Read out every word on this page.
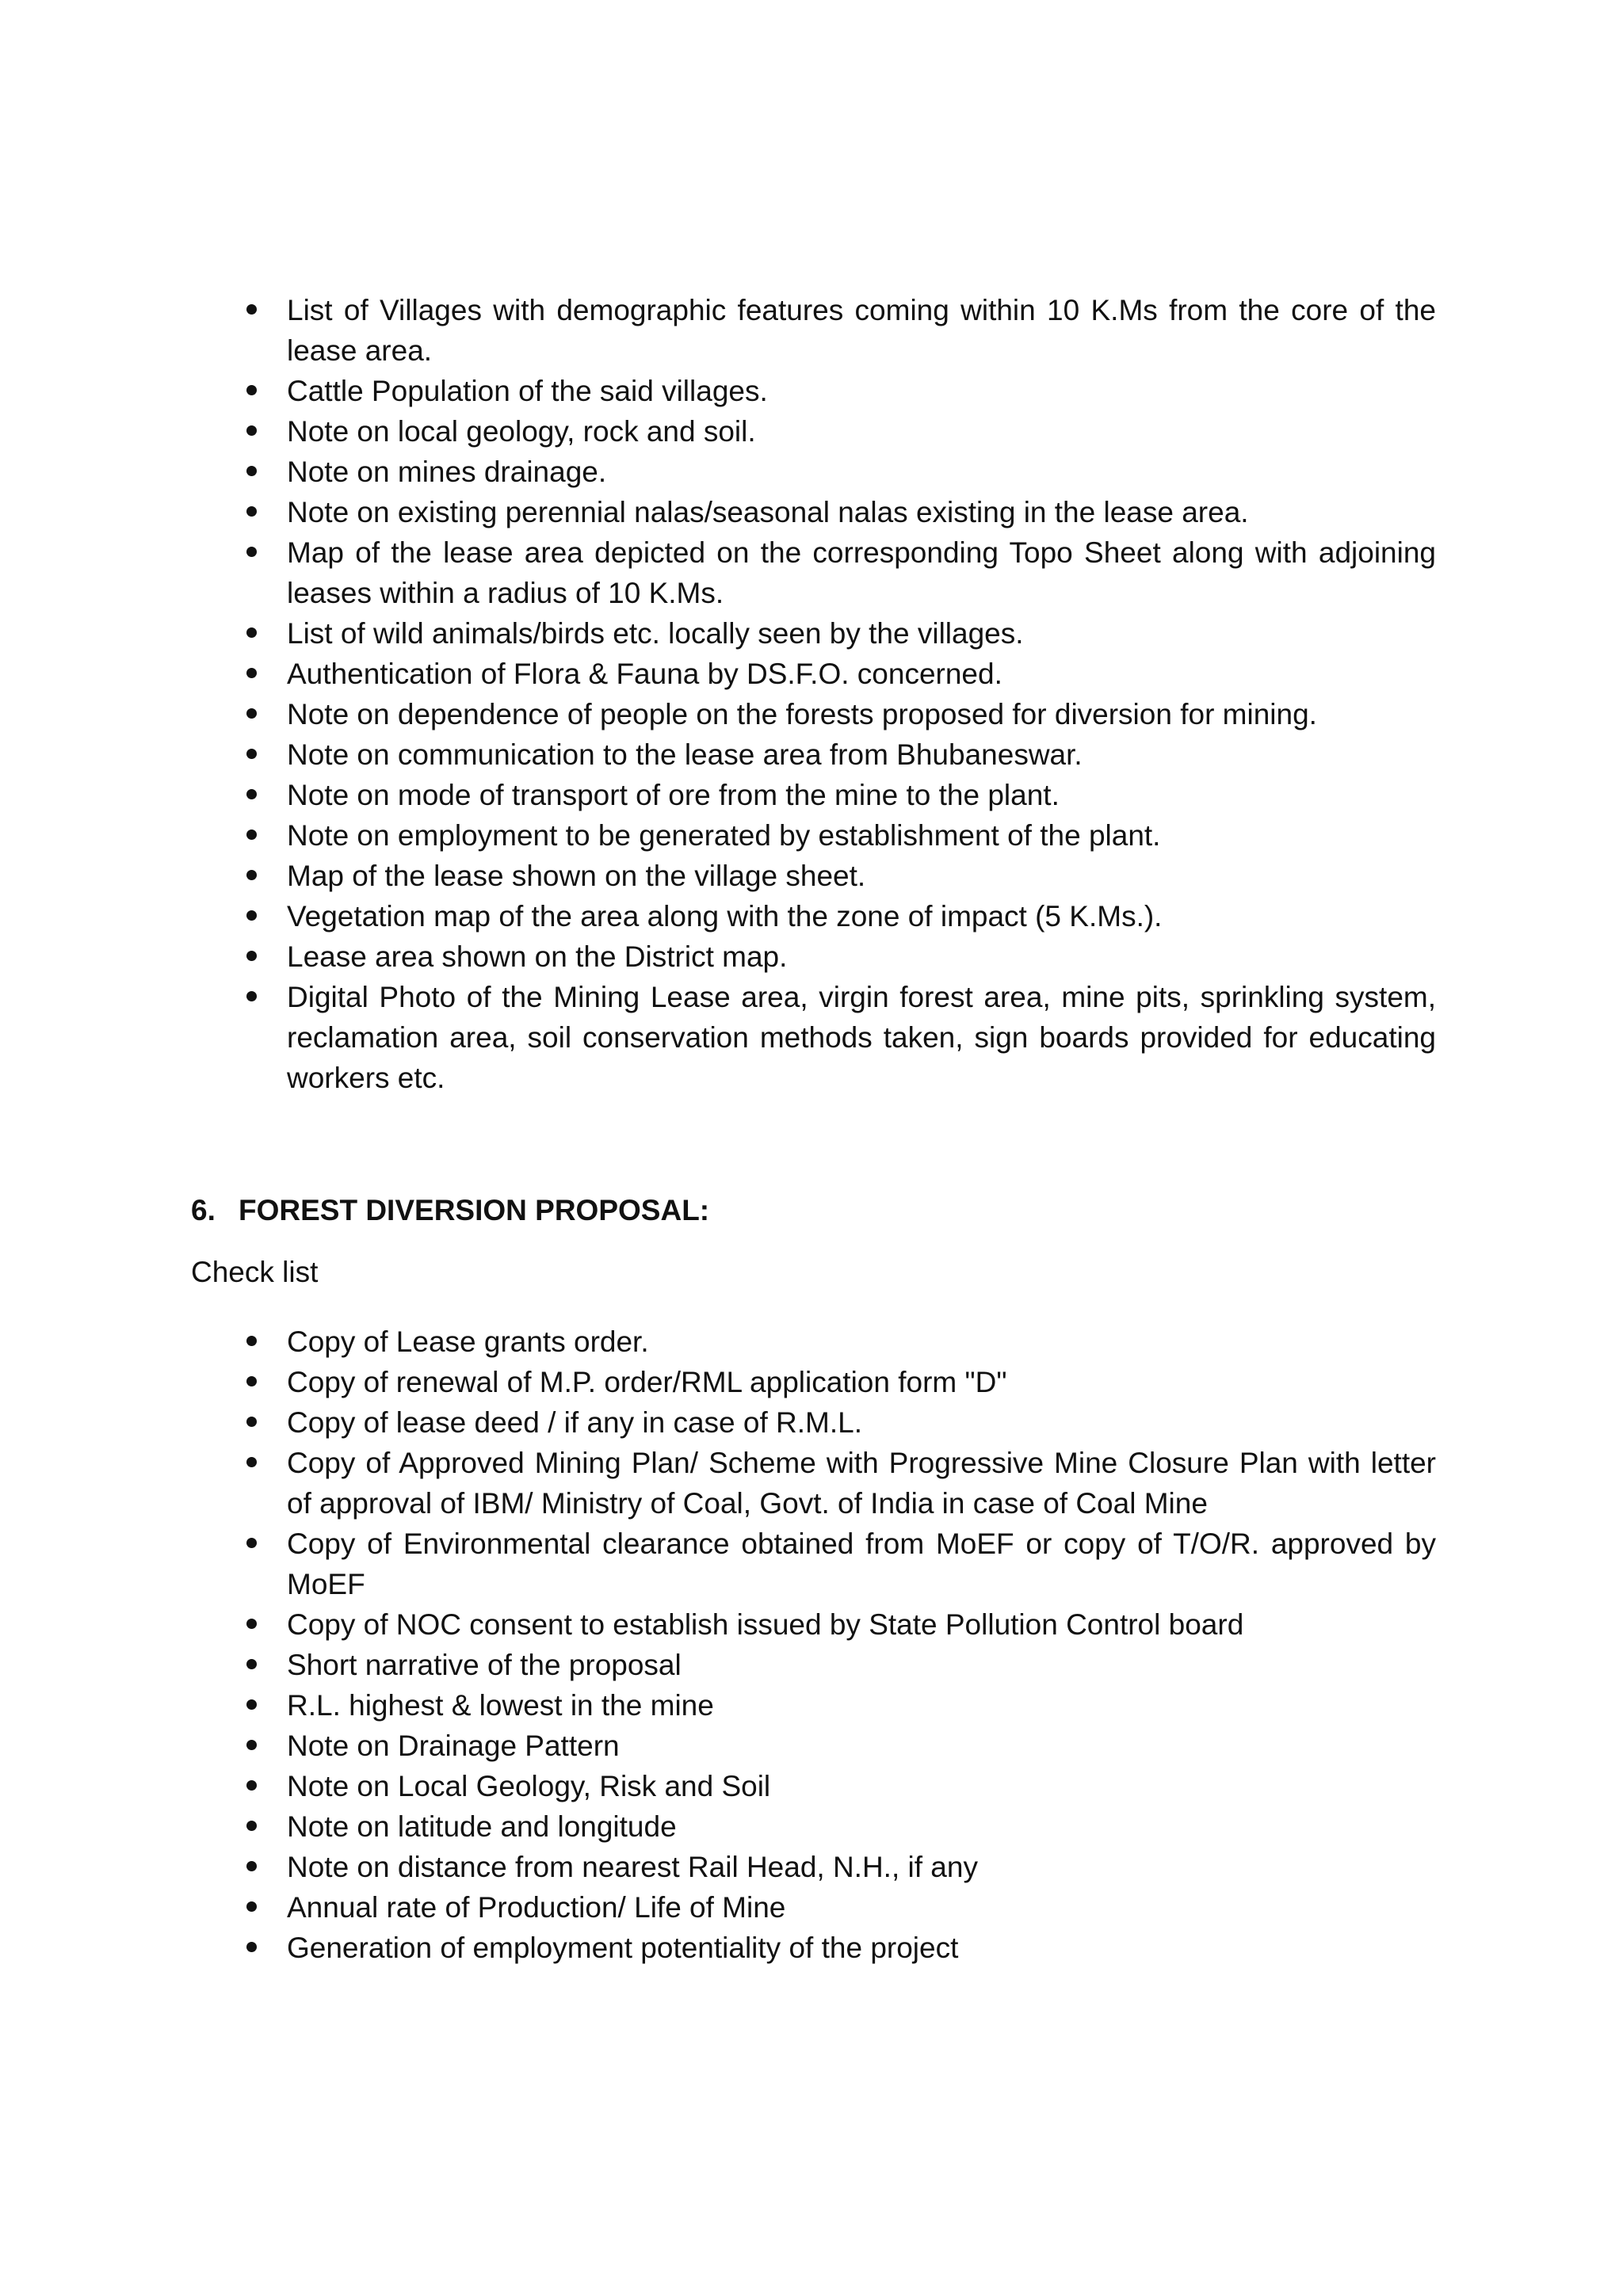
List of Villages with demographic features coming within 10 K.Ms from the core of the lease area.
Cattle Population of the said villages.
Note on local geology, rock and soil.
Note on mines drainage.
Note on existing perennial nalas/seasonal nalas existing in the lease area.
Map of the lease area depicted on the corresponding Topo Sheet along with adjoining leases within a radius of 10 K.Ms.
List of wild animals/birds etc. locally seen by the villages.
Authentication of Flora & Fauna by DS.F.O. concerned.
Note on dependence of people on the forests proposed for diversion for mining.
Note on communication to the lease area from Bhubaneswar.
Note on mode of transport of ore from the mine to the plant.
Note on employment to be generated by establishment of the plant.
Map of the lease shown on the village sheet.
Vegetation map of the area along with the zone of impact (5 K.Ms.).
Lease area shown on the District map.
Digital Photo of the Mining Lease area, virgin forest area, mine pits, sprinkling system, reclamation area, soil conservation methods taken, sign boards provided for educating workers etc.
6. FOREST DIVERSION PROPOSAL:
Check list
Copy of Lease grants order.
Copy of renewal of M.P. order/RML application form "D"
Copy of lease deed / if any in case of R.M.L.
Copy of Approved Mining Plan/ Scheme with Progressive Mine Closure Plan with letter of approval of IBM/ Ministry of Coal, Govt. of India in case of Coal Mine
Copy of Environmental clearance obtained from MoEF or copy of T/O/R. approved by MoEF
Copy of NOC consent to establish issued by State Pollution Control board
Short narrative of the proposal
R.L. highest & lowest in the mine
Note on Drainage Pattern
Note on Local Geology, Risk and Soil
Note on latitude and longitude
Note on distance from nearest Rail Head, N.H., if any
Annual rate of Production/ Life of Mine
Generation of employment potentiality of the project
